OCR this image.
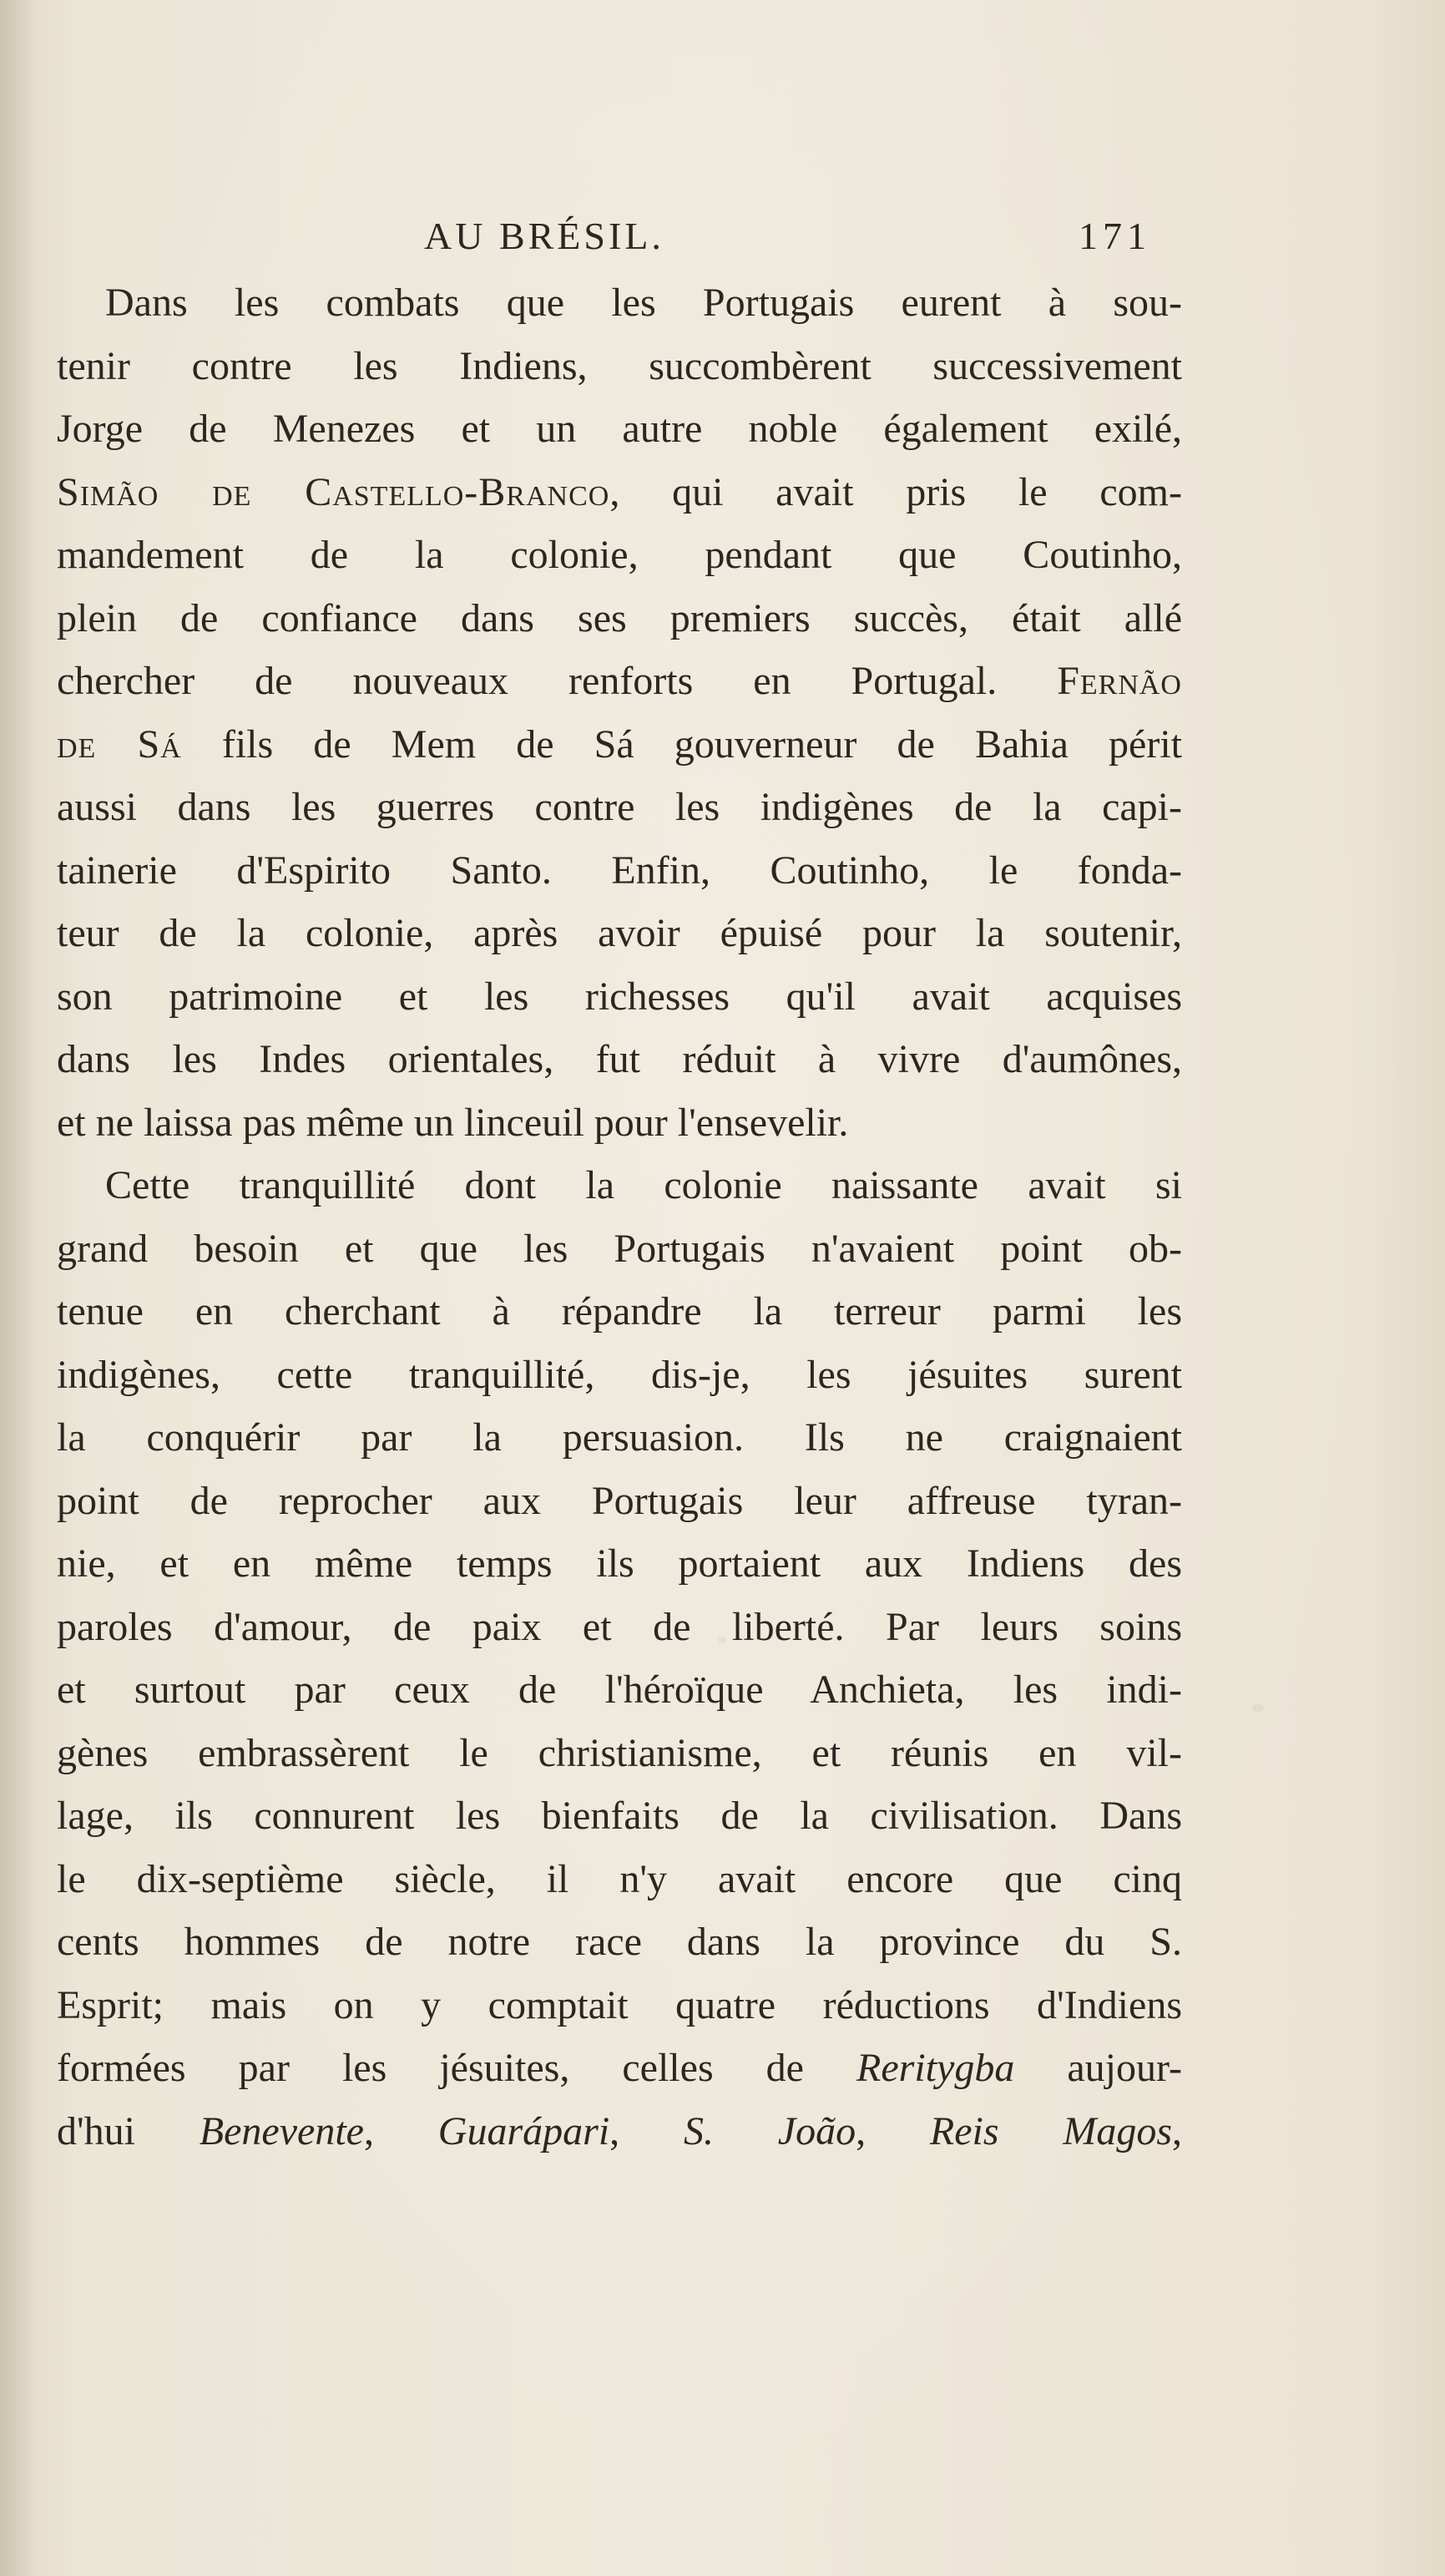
AU BRÉSIL.	171
Dans les combats que les Portugais eurent à sou-
tenir contre les Indiens, succombèrent successivement
Jorge de Menezes et un autre noble également exilé,
Simão de Castello-Branco, qui avait pris le com-
mandement de la colonie, pendant que Coutinho,
plein de confiance dans ses premiers succès, était allé
chercher de nouveaux renforts en Portugal. Fernão
de Sá fils de Mem de Sá gouverneur de Bahia périt
aussi dans les guerres contre les indigènes de la capi-
tainerie d'Espirito Santo. Enfin, Coutinho, le fonda-
teur de la colonie, après avoir épuisé pour la soutenir,
son patrimoine et les richesses qu'il avait acquises
dans les Indes orientales, fut réduit à vivre d'aumônes,
et ne laissa pas même un linceuil pour l'ensevelir.
Cette tranquillité dont la colonie naissante avait si
grand besoin et que les Portugais n'avaient point ob-
tenue en cherchant à répandre la terreur parmi les
indigènes, cette tranquillité, dis-je, les jésuites surent
la conquérir par la persuasion. Ils ne craignaient
point de reprocher aux Portugais leur affreuse tyran-
nie, et en même temps ils portaient aux Indiens des
paroles d'amour, de paix et de liberté. Par leurs soins
et surtout par ceux de l'héroïque Anchieta, les indi-
gènes embrassèrent le christianisme, et réunis en vil-
lage, ils connurent les bienfaits de la civilisation. Dans
le dix-septième siècle, il n'y avait encore que cinq
cents hommes de notre race dans la province du S.
Esprit; mais on y comptait quatre réductions d'Indiens
formées par les jésuites, celles de Reritygba aujour-
d'hui Benevente, Guarápari, S. João, Reis Magos,
